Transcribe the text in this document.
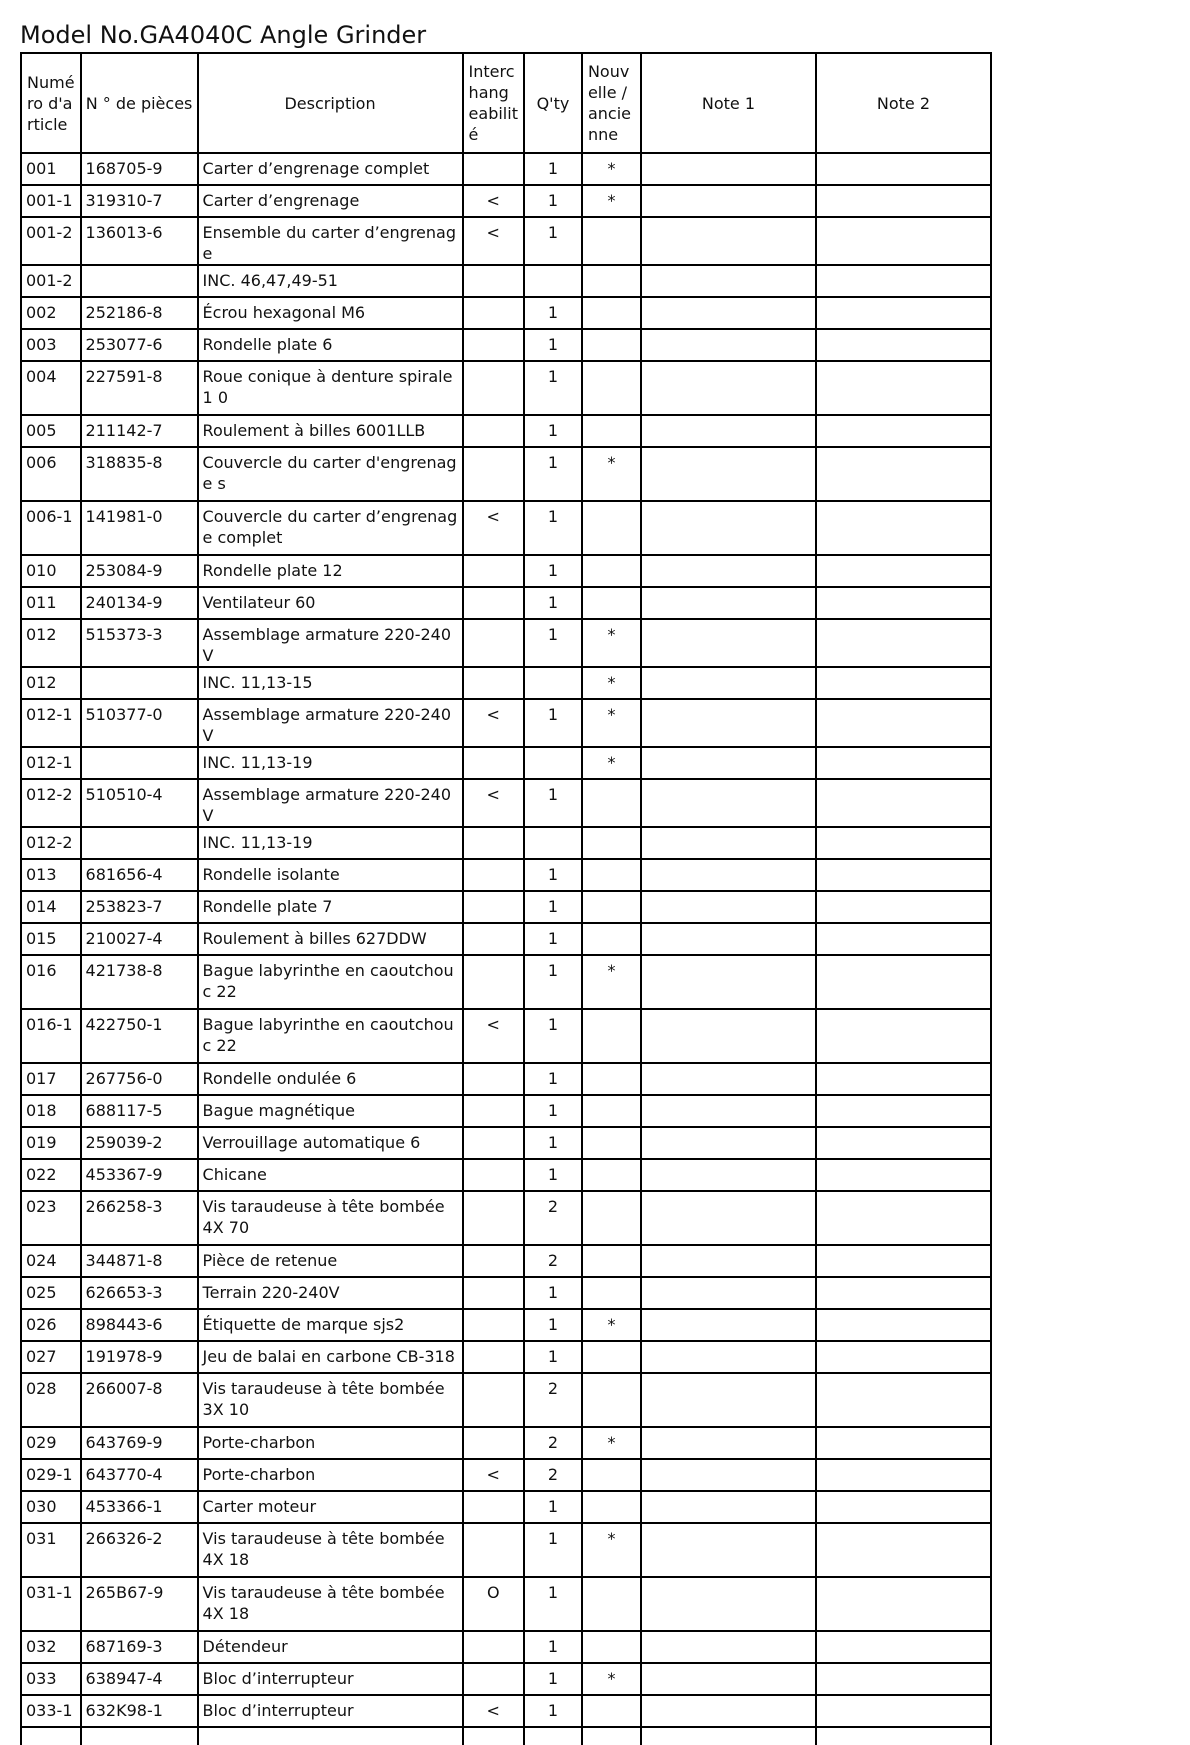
Model No.GA4040C Angle Grinder
Numé ro d'a rticle	N ° de pièces	Description	Interc hang eabilit é	Q'ty	Nouv elle / ancie nne	Note 1	Note 2
001	168705-9	Carter d’engrenage complet		1	*		
001-1	319310-7	Carter d’engrenage	<	1	*		
001-2	136013-6	Ensemble du carter d’engrenage	<	1			
001-2		INC. 46,47,49-51					
002	252186-8	Écrou hexagonal M6		1			
003	253077-6	Rondelle plate 6		1			
004	227591-8	Roue conique à denture spirale 1 0		1			
005	211142-7	Roulement à billes 6001LLB		1			
006	318835-8	Couvercle du carter d'engrenage s		1	*		
006-1	141981-0	Couvercle du carter d’engrenage complet	<	1			
010	253084-9	Rondelle plate 12		1			
011	240134-9	Ventilateur 60		1			
012	515373-3	Assemblage armature 220-240V		1	*		
012		INC. 11,13-15			*		
012-1	510377-0	Assemblage armature 220-240V	<	1	*		
012-1		INC. 11,13-19			*		
012-2	510510-4	Assemblage armature 220-240V	<	1			
012-2		INC. 11,13-19					
013	681656-4	Rondelle isolante		1			
014	253823-7	Rondelle plate 7		1			
015	210027-4	Roulement à billes 627DDW		1			
016	421738-8	Bague labyrinthe en caoutchouc 22		1	*		
016-1	422750-1	Bague labyrinthe en caoutchouc 22	<	1			
017	267756-0	Rondelle ondulée 6		1			
018	688117-5	Bague magnétique		1			
019	259039-2	Verrouillage automatique 6		1			
022	453367-9	Chicane		1			
023	266258-3	Vis taraudeuse à tête bombée 4X 70		2			
024	344871-8	Pièce de retenue		2			
025	626653-3	Terrain 220-240V		1			
026	898443-6	Étiquette de marque sjs2		1	*		
027	191978-9	Jeu de balai en carbone CB-318		1			
028	266007-8	Vis taraudeuse à tête bombée 3X 10		2			
029	643769-9	Porte-charbon		2	*		
029-1	643770-4	Porte-charbon	<	2			
030	453366-1	Carter moteur		1			
031	266326-2	Vis taraudeuse à tête bombée 4X 18		1	*		
031-1	265B67-9	Vis taraudeuse à tête bombée 4X 18	O	1			
032	687169-3	Détendeur		1			
033	638947-4	Bloc d’interrupteur		1	*		
033-1	632K98-1	Bloc d’interrupteur	<	1			
